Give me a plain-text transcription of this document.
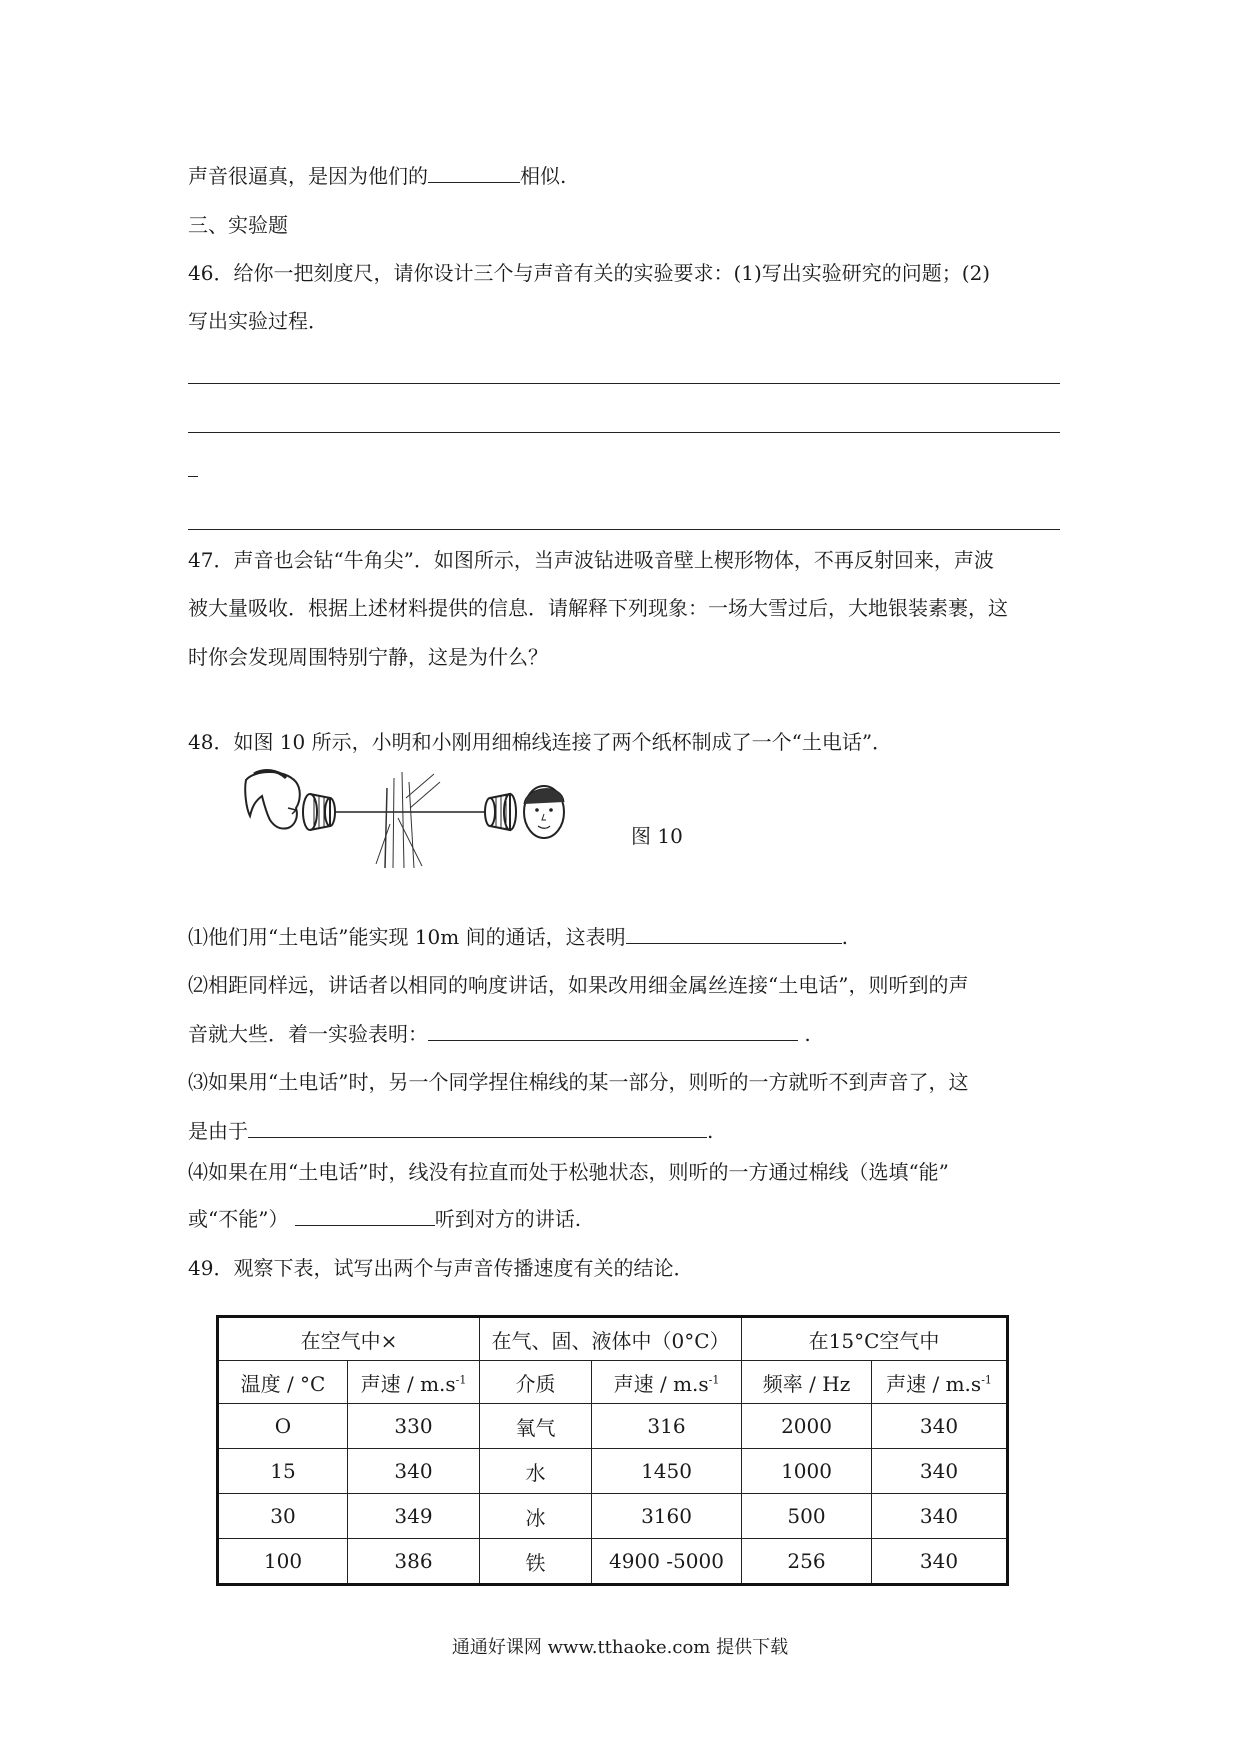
声音很逼真，是因为他们的	相似.
三、实验题
46．给你一把刻度尺，请你设计三个与声音有关的实验要求：(1)写出实验研究的问题；(2)
写出实验过程．
47．声音也会钻“牛角尖”．如图所示，当声波钻进吸音壁上楔形物体，不再反射回来，声波
被大量吸收．根据上述材料提供的信息．请解释下列现象：一场大雪过后，大地银装素裹，这
时你会发现周围特别宁静，这是为什么？
48．如图 10 所示，小明和小刚用细棉线连接了两个纸杯制成了一个“土电话”．
图 10
⑴他们用“土电话”能实现 10m 间的通话，这表明	.
⑵相距同样远，讲话者以相同的响度讲话，如果改用细金属丝连接“土电话”，则听到的声
音就大些．着一实验表明：	.
⑶如果用“土电话”时，另一个同学捏住棉线的某一部分，则听的一方就听不到声音了，这
是由于	.
⑷如果在用“土电话”时，线没有拉直而处于松驰状态，则听的一方通过棉线（选填“能”
或“不能”）	听到对方的讲话.
49．观察下表，试写出两个与声音传播速度有关的结论．
在空气中×		在气、固、液体中（0°C）		在15°C空气中	
温度 / °C	声速 / $m.s^{-1}$	介质	声速 / $m.s^{-1}$	频率 / Hz	声速 / $m.s^{-1}$
O	330	氧气	316	2000	340
15	340	水	1450	1000	340
30	349	冰	3160	500	340
100	386	铁	4900 -5000	256	340
通通好课网 www.tthaoke.com 提供下载
